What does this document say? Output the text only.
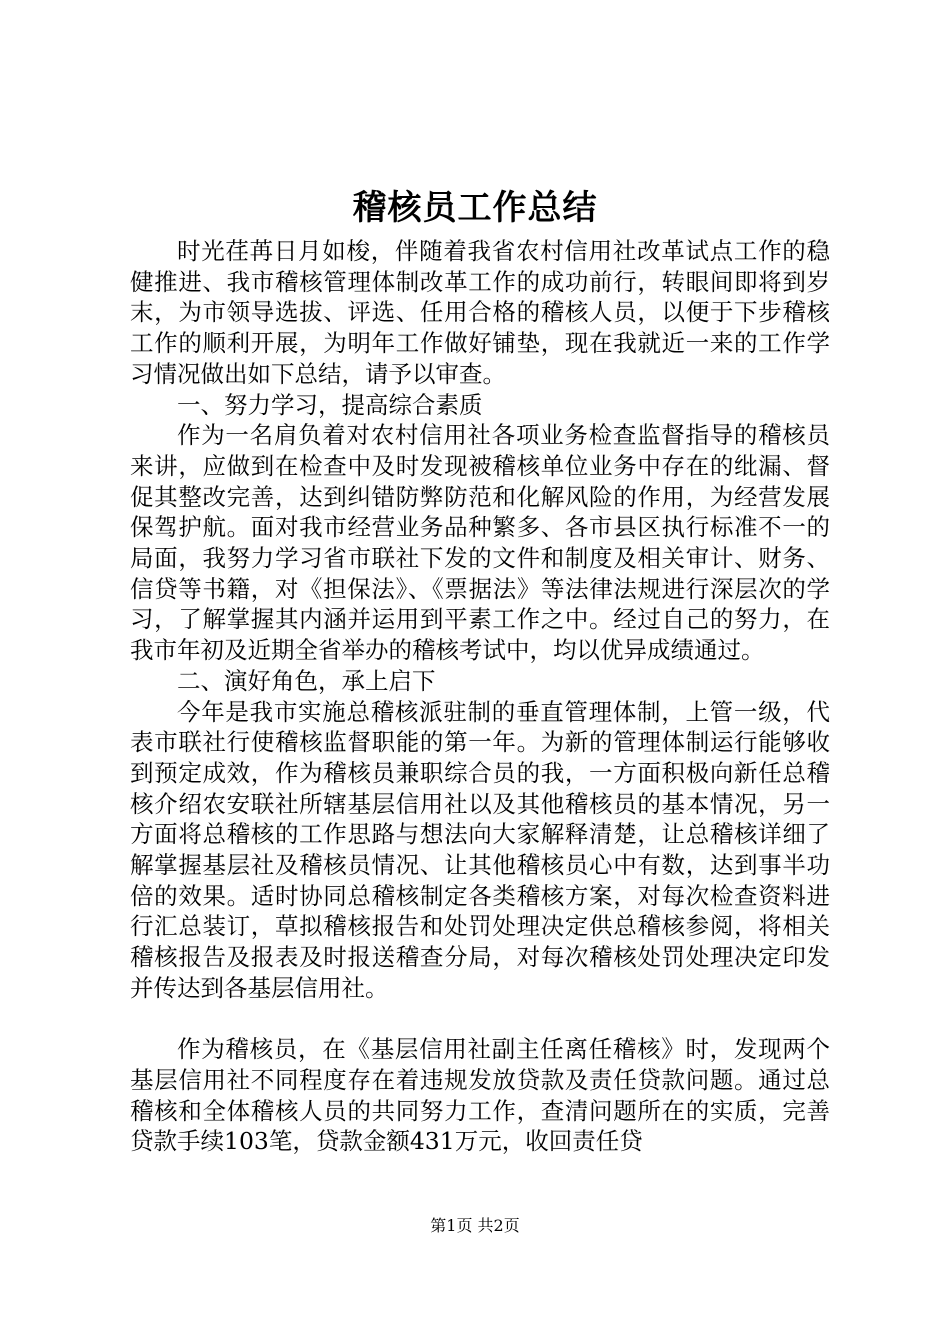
稽核员工作总结

时光荏苒日月如梭，伴随着我省农村信用社改革试点工作的稳健推进、我市稽核管理体制改革工作的成功前行，转眼间即将到岁末，为市领导选拔、评选、任用合格的稽核人员，以便于下步稽核工作的顺利开展，为明年工作做好铺垫，现在我就近一来的工作学习情况做出如下总结，请予以审查。

一、努力学习，提高综合素质

作为一名肩负着对农村信用社各项业务检查监督指导的稽核员来讲，应做到在检查中及时发现被稽核单位业务中存在的纰漏、督促其整改完善，达到纠错防弊防范和化解风险的作用，为经营发展保驾护航。面对我市经营业务品种繁多、各市县区执行标准不一的局面，我努力学习省市联社下发的文件和制度及相关审计、财务、信贷等书籍，对《担保法》、《票据法》等法律法规进行深层次的学习，了解掌握其内涵并运用到平素工作之中。经过自己的努力，在我市年初及近期全省举办的稽核考试中，均以优异成绩通过。

二、演好角色，承上启下

今年是我市实施总稽核派驻制的垂直管理体制，上管一级，代表市联社行使稽核监督职能的第一年。为新的管理体制运行能够收到预定成效，作为稽核员兼职综合员的我，一方面积极向新任总稽核介绍农安联社所辖基层信用社以及其他稽核员的基本情况，另一方面将总稽核的工作思路与想法向大家解释清楚，让总稽核详细了解掌握基层社及稽核员情况、让其他稽核员心中有数，达到事半功倍的效果。适时协同总稽核制定各类稽核方案，对每次检查资料进行汇总装订，草拟稽核报告和处罚处理决定供总稽核参阅，将相关稽核报告及报表及时报送稽查分局，对每次稽核处罚处理决定印发并传达到各基层信用社。

作为稽核员，在《基层信用社副主任离任稽核》时，发现两个基层信用社不同程度存在着违规发放贷款及责任贷款问题。通过总稽核和全体稽核人员的共同努力工作，查清问题所在的实质，完善贷款手续103笔，贷款金额431万元，收回责任贷

第1页 共2页
